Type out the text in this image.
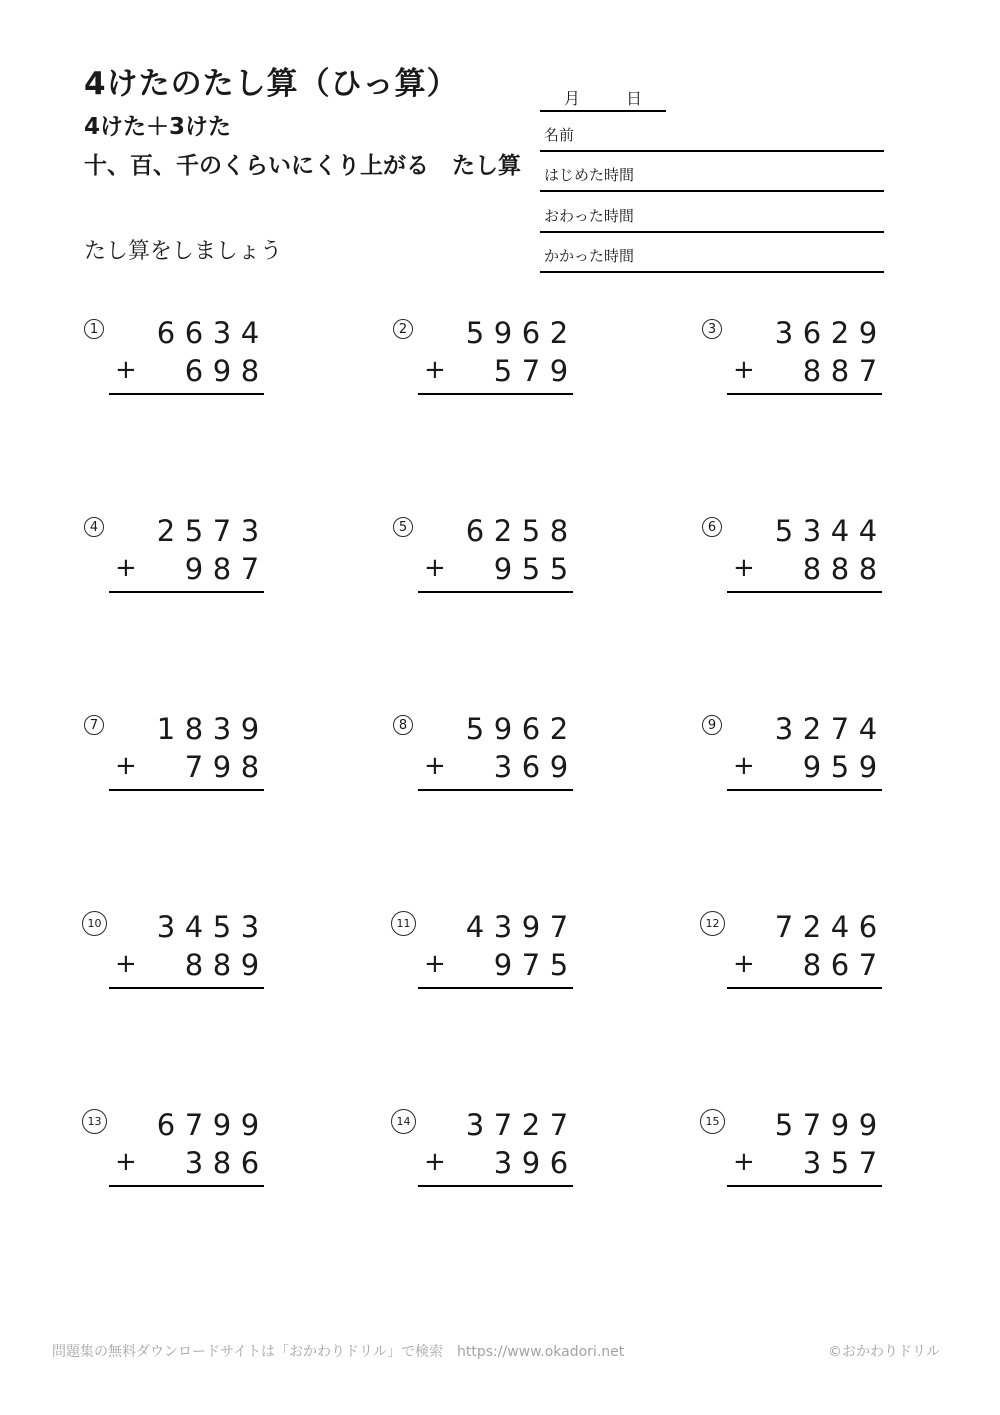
4けたのたし算（ひっ算）
4けた＋3けた
十、百、千のくらいにくり上がる　たし算
たし算をしましょう
月	日
名前
はじめた時間
おわった時間
かかった時間
1 6 6 3 4
+ 6 9 8
2 5 9 6 2
+ 5 7 9
3 3 6 2 9
+ 8 8 7
4 2 5 7 3
+ 9 8 7
5 6 2 5 8
+ 9 5 5
6 5 3 4 4
+ 8 8 8
7 1 8 3 9
+ 7 9 8
8 5 9 6 2
+ 3 6 9
9 3 2 7 4
+ 9 5 9
10 3 4 5 3
+ 8 8 9
11 4 3 9 7
+ 9 7 5
12 7 2 4 6
+ 8 6 7
13 6 7 9 9
+ 3 8 6
14 3 7 2 7
+ 3 9 6
15 5 7 9 9
+ 3 5 7
問題集の無料ダウンロードサイトは「おかわりドリル」で検索　https://www.okadori.net	©おかわりドリル
